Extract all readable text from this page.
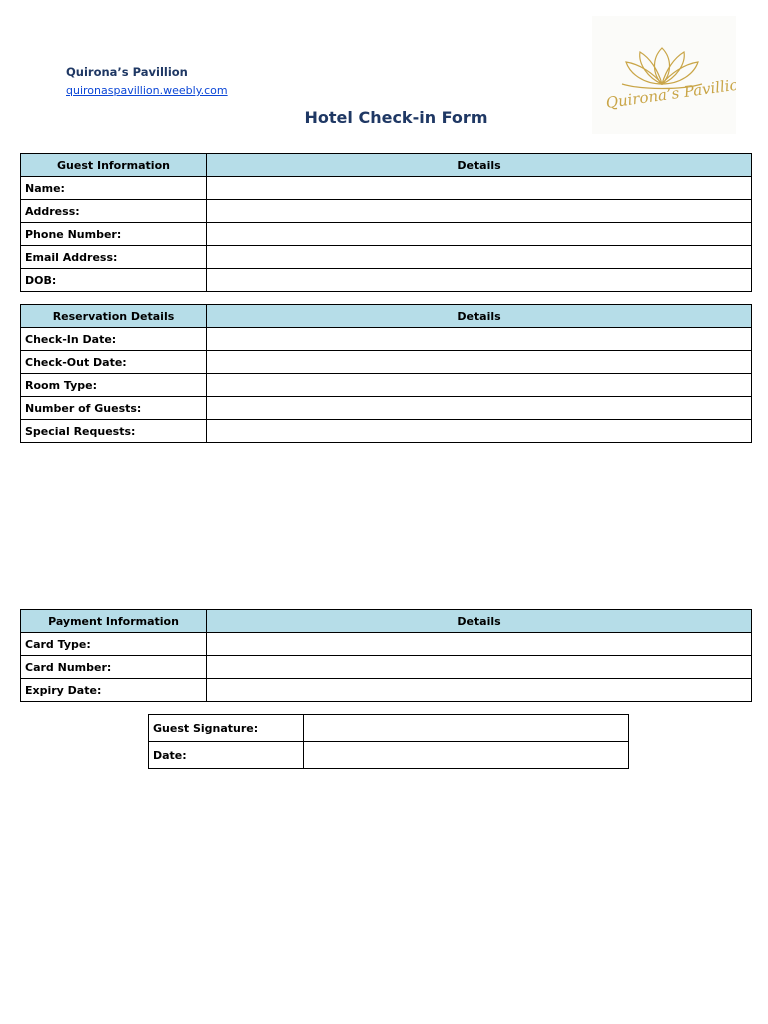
Quirona’s Pavillion
quironaspavillion.weebly.com	Quirona’s Pavillion
Hotel Check-in Form
Guest Information	Details
Name:	
Address:	
Phone Number:	
Email Address:	
DOB:	
Reservation Details	Details
Check-In Date:	
Check-Out Date:	
Room Type:	
Number of Guests:	
Special Requests:	
Payment Information	Details
Card Type:	
Card Number:	
Expiry Date:	
Guest Signature:	
Date:	
